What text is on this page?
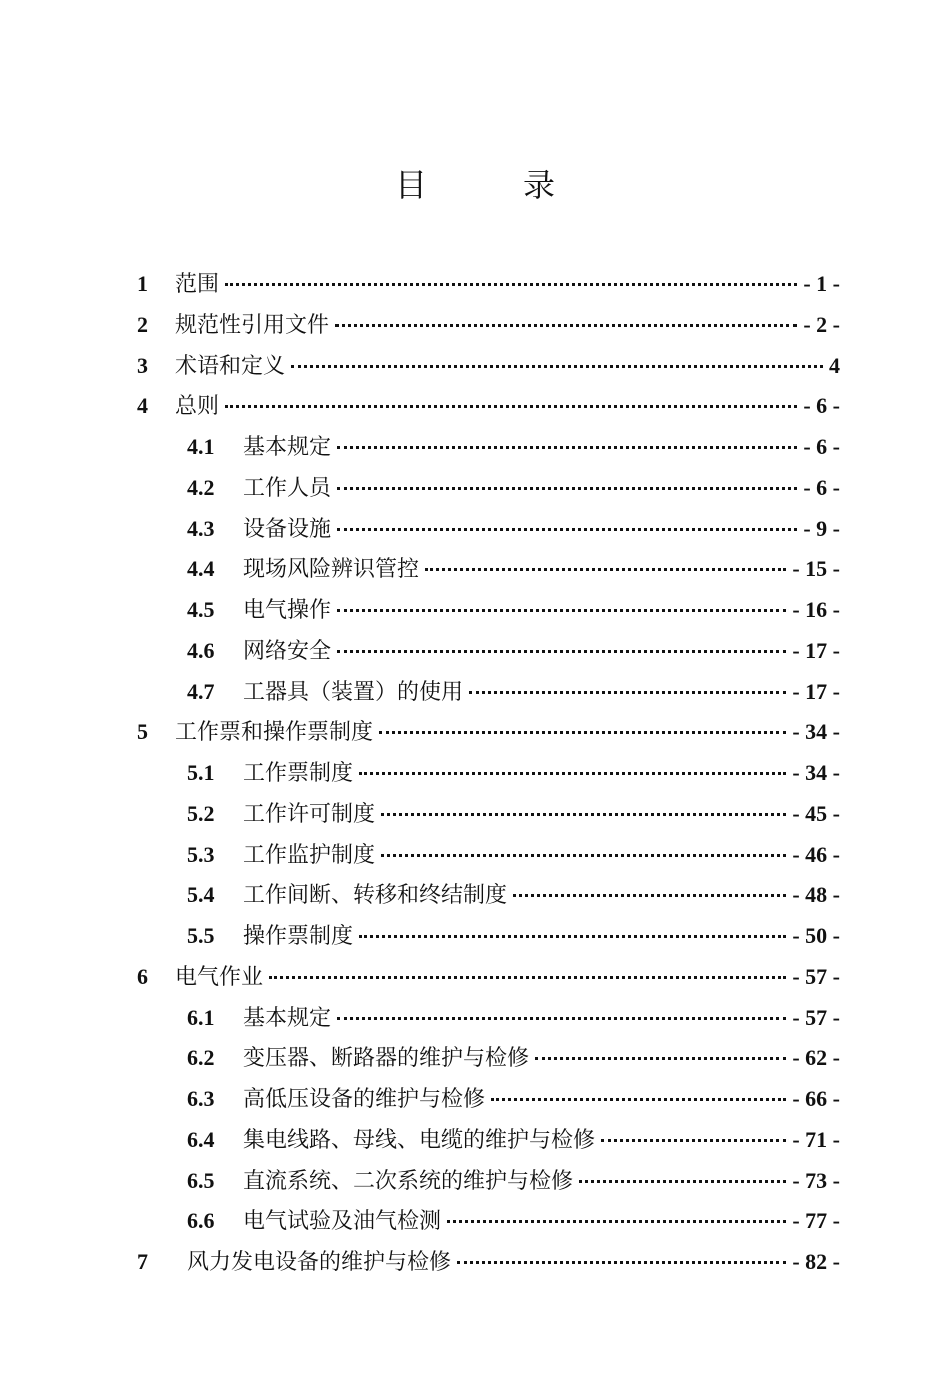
目 录
1 范围	- 1 -
2 规范性引用文件	- 2 -
3 术语和定义	4
4 总则	- 6 -
4.1 基本规定	- 6 -
4.2 工作人员	- 6 -
4.3 设备设施	- 9 -
4.4 现场风险辨识管控	- 15 -
4.5 电气操作	- 16 -
4.6 网络安全	- 17 -
4.7 工器具（装置）的使用	- 17 -
5 工作票和操作票制度	- 34 -
5.1 工作票制度	- 34 -
5.2 工作许可制度	- 45 -
5.3 工作监护制度	- 46 -
5.4 工作间断、转移和终结制度	- 48 -
5.5 操作票制度	- 50 -
6 电气作业	- 57 -
6.1 基本规定	- 57 -
6.2 变压器、断路器的维护与检修	- 62 -
6.3 高低压设备的维护与检修	- 66 -
6.4 集电线路、母线、电缆的维护与检修	- 71 -
6.5 直流系统、二次系统的维护与检修	- 73 -
6.6 电气试验及油气检测	- 77 -
7 风力发电设备的维护与检修	- 82 -
